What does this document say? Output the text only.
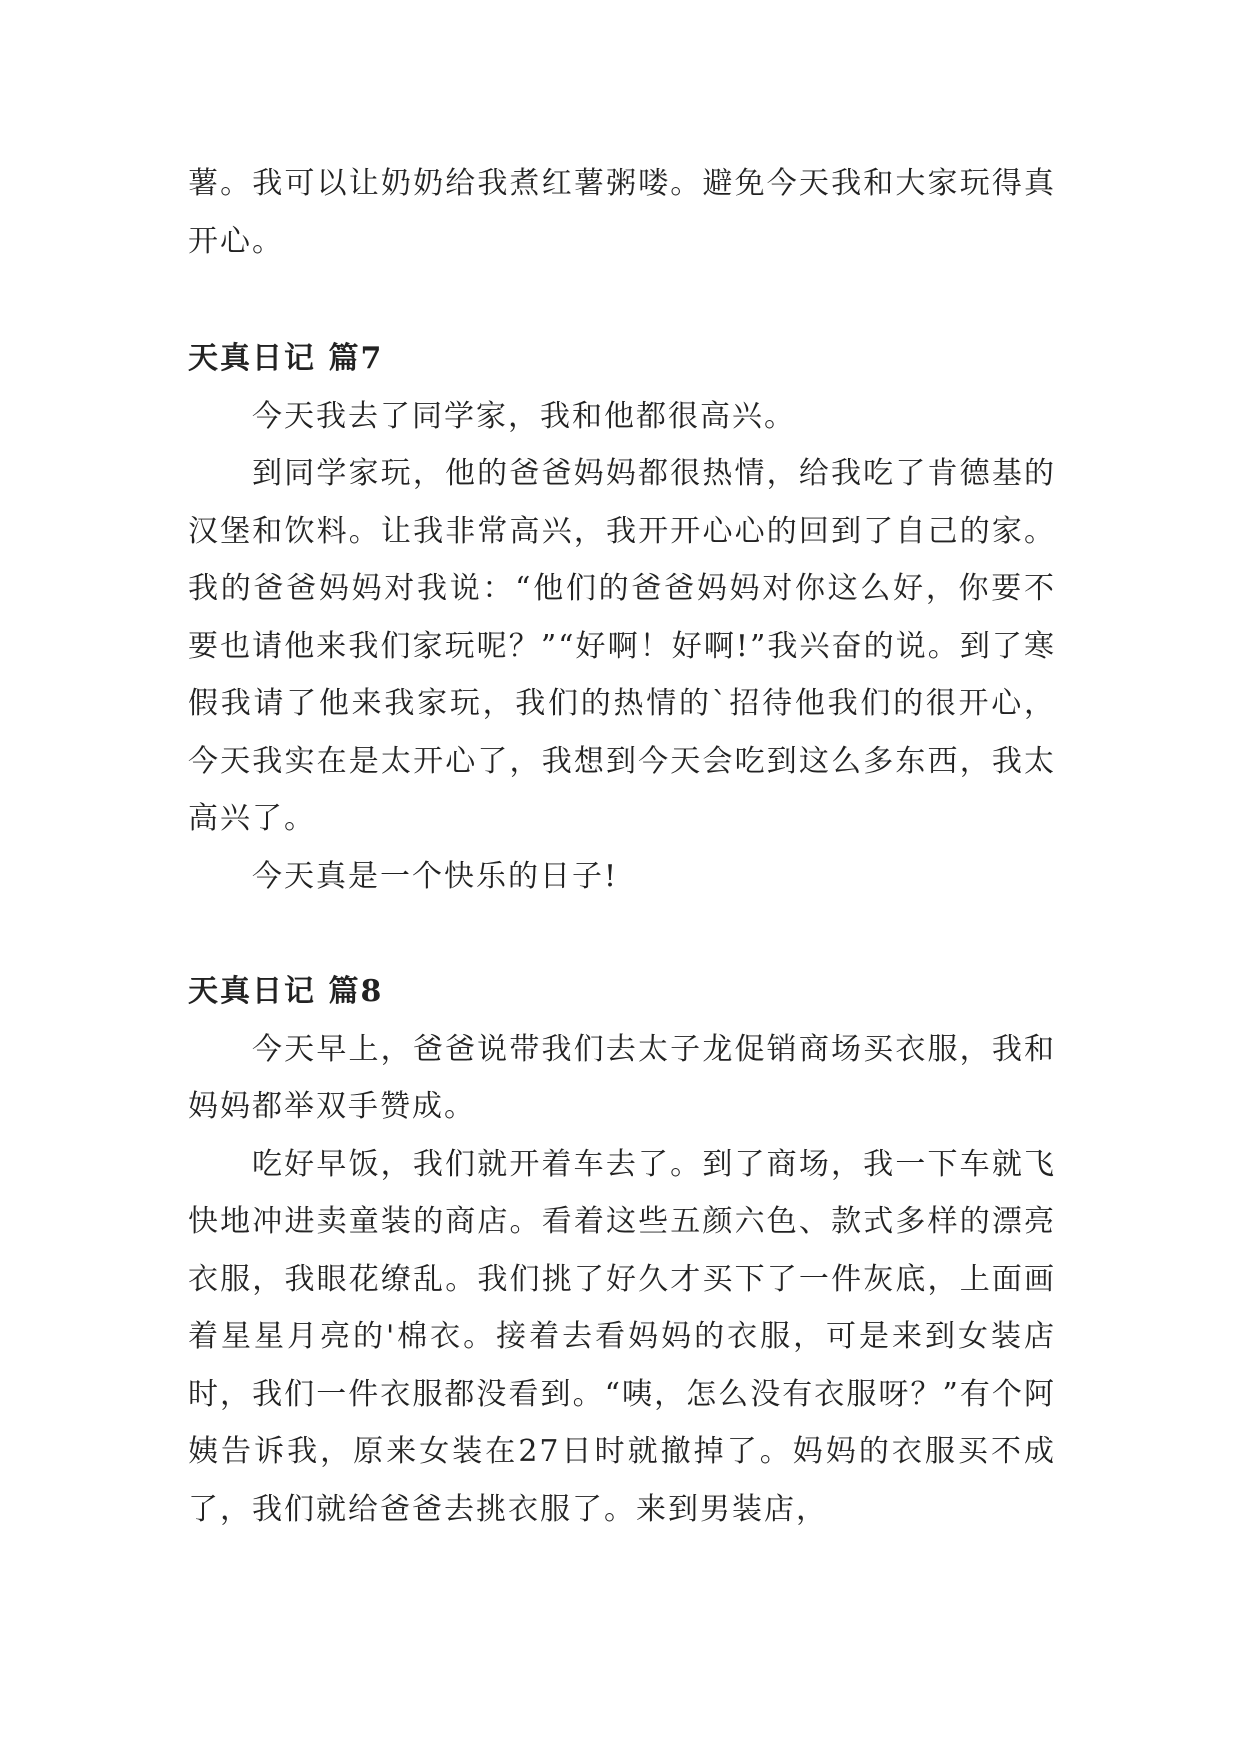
薯。我可以让奶奶给我煮红薯粥喽。避免今天我和大家玩得真开心。

天真日记 篇7

今天我去了同学家，我和他都很高兴。

到同学家玩，他的爸爸妈妈都很热情，给我吃了肯德基的汉堡和饮料。让我非常高兴，我开开心心的回到了自己的家。我的爸爸妈妈对我说：“他们的爸爸妈妈对你这么好，你要不要也请他来我们家玩呢？”“好啊！好啊!”我兴奋的说。到了寒假我请了他来我家玩，我们的热情的`招待他我们的很开心，今天我实在是太开心了，我想到今天会吃到这么多东西，我太高兴了。

今天真是一个快乐的日子!

天真日记 篇8

今天早上，爸爸说带我们去太子龙促销商场买衣服，我和妈妈都举双手赞成。

吃好早饭，我们就开着车去了。到了商场，我一下车就飞快地冲进卖童装的商店。看着这些五颜六色、款式多样的漂亮衣服，我眼花缭乱。我们挑了好久才买下了一件灰底，上面画着星星月亮的'棉衣。接着去看妈妈的衣服，可是来到女装店时，我们一件衣服都没看到。“咦，怎么没有衣服呀？”有个阿姨告诉我，原来女装在27日时就撤掉了。妈妈的衣服买不成了，我们就给爸爸去挑衣服了。来到男装店，
